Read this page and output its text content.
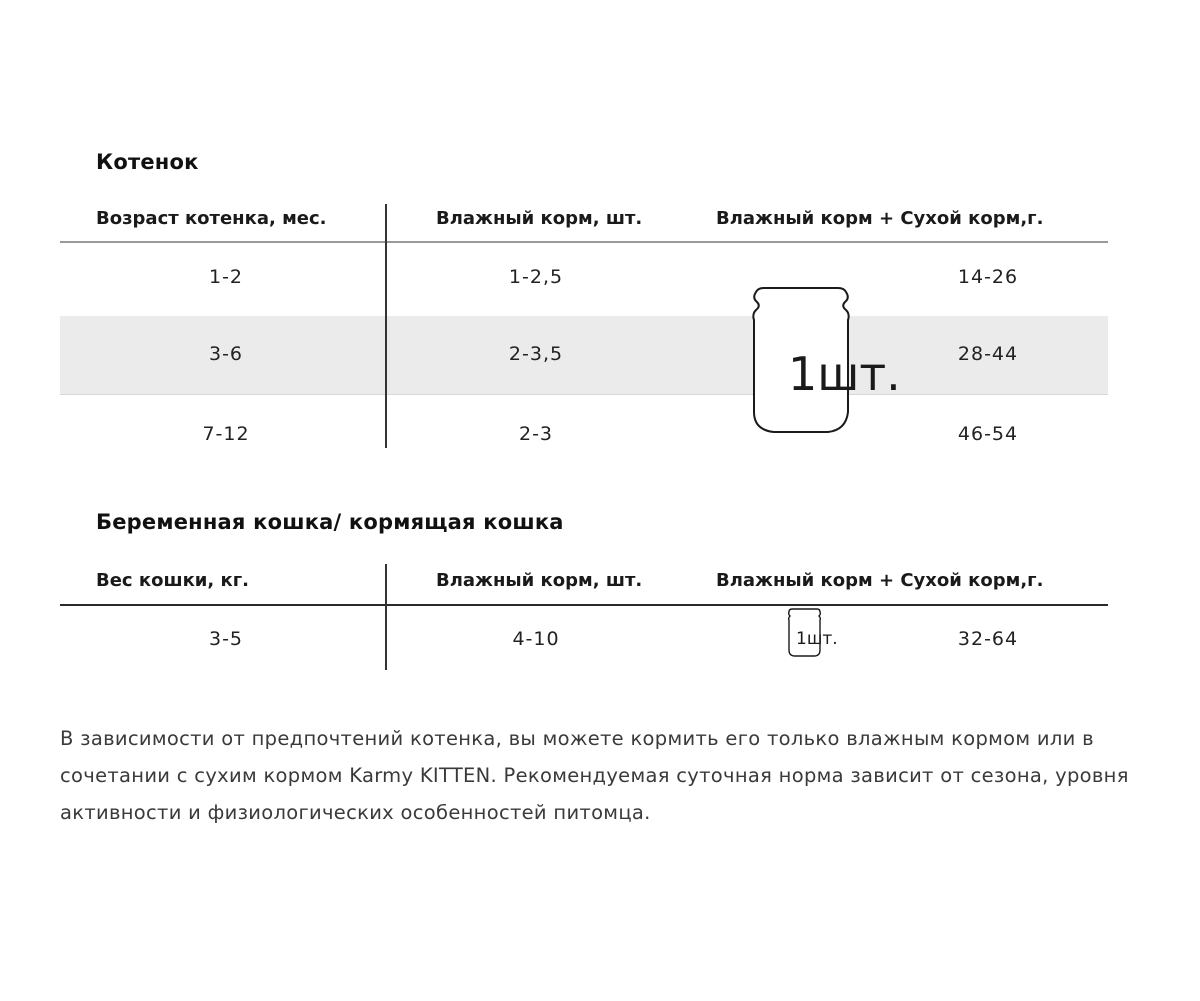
Котенок
Возраст котенка, мес.	Влажный корм, шт.	Влажный корм + Сухой корм,г.
1-2	1-2,5	14-26
3-6	2-3,5	28-44
7-12	2-3	46-54
1шт.
Беременная кошка/ кормящая кошка
Вес кошки, кг.	Влажный корм, шт.	Влажный корм + Сухой корм,г.
3-5	4-10	32-64
1шт.
В зависимости от предпочтений котенка, вы можете кормить его только влажным кормом или в сочетании с сухим кормом Karmy KITTEN. Рекомендуемая суточная норма зависит от сезона, уровня активности и физиологических особенностей питомца.
